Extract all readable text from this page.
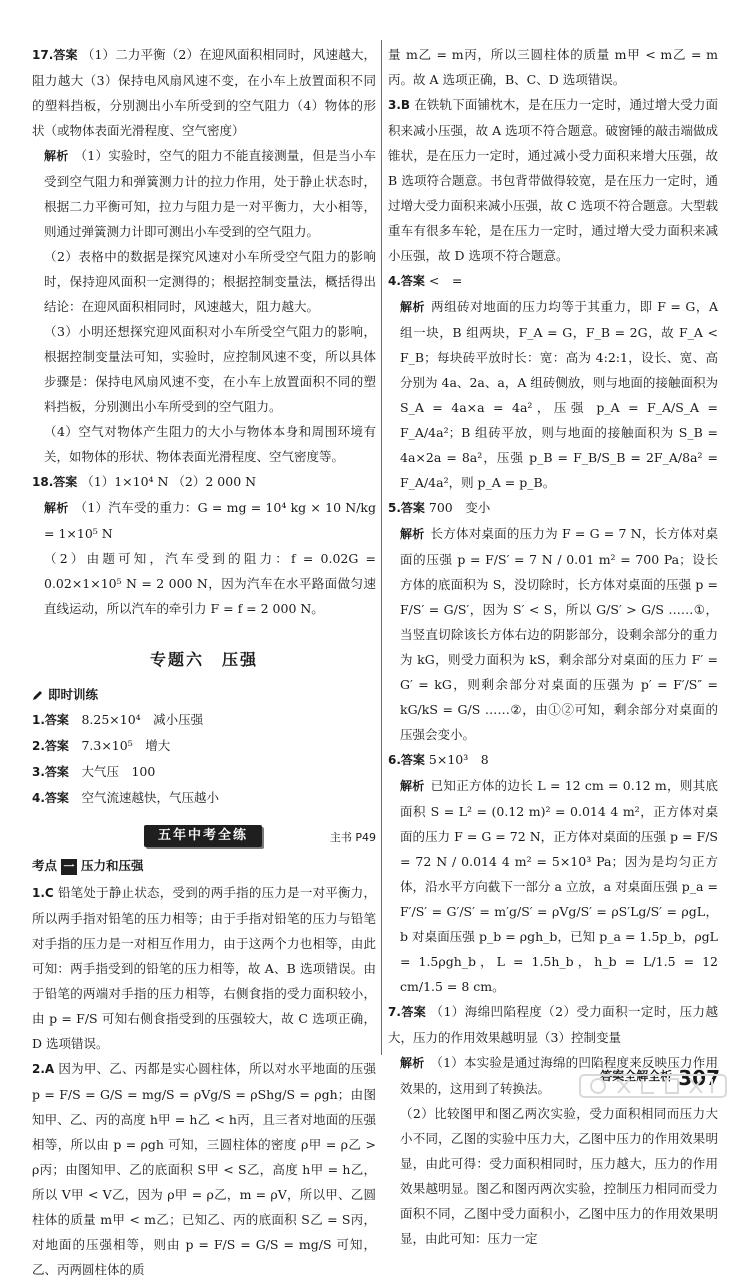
17.答案 （1）二力平衡（2）在迎风面积相同时，风速越大，阻力越大（3）保持电风扇风速不变，在小车上放置面积不同的塑料挡板，分别测出小车所受到的空气阻力（4）物体的形状（或物体表面光滑程度、空气密度）
解析 （1）实验时，空气的阻力不能直接测量，但是当小车受到空气阻力和弹簧测力计的拉力作用，处于静止状态时，根据二力平衡可知，拉力与阻力是一对平衡力，大小相等，则通过弹簧测力计即可测出小车受到的空气阻力。
（2）表格中的数据是探究风速对小车所受空气阻力的影响时，保持迎风面积一定测得的；根据控制变量法，概括得出结论：在迎风面积相同时，风速越大，阻力越大。
（3）小明还想探究迎风面积对小车所受空气阻力的影响，根据控制变量法可知，实验时，应控制风速不变，所以具体步骤是：保持电风扇风速不变，在小车上放置面积不同的塑料挡板，分别测出小车所受到的空气阻力。
（4）空气对物体产生阻力的大小与物体本身和周围环境有关，如物体的形状、物体表面光滑程度、空气密度等。
18.答案 （1）1×10⁴ N （2）2 000 N
解析 （1）汽车受的重力：G = mg = 10⁴ kg × 10 N/kg = 1×10⁵ N
（2）由题可知，汽车受到的阻力：f = 0.02G = 0.02×1×10⁵ N = 2 000 N，因为汽车在水平路面做匀速直线运动，所以汽车的牵引力 F = f = 2 000 N。
专题六　压强
即时训练
1.答案　 8.25×10⁴　减小压强
2.答案　 7.3×10⁵　增大
3.答案　 大气压　100
4.答案　 空气流速越快，气压越小
五年中考全练	主书 P49
考点 一 压力和压强
1.C 铅笔处于静止状态，受到的两手指的压力是一对平衡力，所以两手指对铅笔的压力相等；由于手指对铅笔的压力与铅笔对手指的压力是一对相互作用力，由于这两个力也相等，由此可知：两手指受到的铅笔的压力相等，故 A、B 选项错误。由于铅笔的两端对手指的压力相等，右侧食指的受力面积较小，由 p = F/S 可知右侧食指受到的压强较大，故 C 选项正确，D 选项错误。
2.A 因为甲、乙、丙都是实心圆柱体，所以对水平地面的压强 p = F/S = G/S = mg/S = ρVg/S = ρShg/S = ρgh；由图知甲、乙、丙的高度 h甲 = h乙 < h丙，且三者对地面的压强相等，所以由 p = ρgh 可知，三圆柱体的密度 ρ甲 = ρ乙 > ρ丙；由图知甲、乙的底面积 S甲 < S乙，高度 h甲 = h乙，所以 V甲 < V乙，因为 ρ甲 = ρ乙，m = ρV，所以甲、乙圆柱体的质量 m甲 < m乙；已知乙、丙的底面积 S乙 = S丙，对地面的压强相等，则由 p = F/S = G/S = mg/S 可知，乙、丙两圆柱体的质
量 m乙 = m丙，所以三圆柱体的质量 m甲 < m乙 = m丙。故 A 选项正确，B、C、D 选项错误。
3.B 在铁轨下面铺枕木，是在压力一定时，通过增大受力面积来减小压强，故 A 选项不符合题意。破窗锤的敲击端做成锥状，是在压力一定时，通过减小受力面积来增大压强，故 B 选项符合题意。书包背带做得较宽，是在压力一定时，通过增大受力面积来减小压强，故 C 选项不符合题意。大型载重车有很多车轮，是在压力一定时，通过增大受力面积来减小压强，故 D 选项不符合题意。
4.答案 <　=
解析 两组砖对地面的压力均等于其重力，即 F = G，A 组一块，B 组两块，F_A = G，F_B = 2G，故 F_A < F_B；每块砖平放时长：宽：高为 4:2:1，设长、宽、高分别为 4a、2a、a，A 组砖侧放，则与地面的接触面积为 S_A = 4a×a = 4a²，压强 p_A = F_A/S_A = F_A/4a²；B 组砖平放，则与地面的接触面积为 S_B = 4a×2a = 8a²，压强 p_B = F_B/S_B = 2F_A/8a² = F_A/4a²，则 p_A = p_B。
5.答案 700　变小
解析 长方体对桌面的压力为 F = G = 7 N，长方体对桌面的压强 p = F/S′ = 7 N / 0.01 m² = 700 Pa；设长方体的底面积为 S，没切除时，长方体对桌面的压强 p = F/S′ = G/S′，因为 S′ < S，所以 G/S′ > G/S ……①，当竖直切除该长方体右边的阴影部分，设剩余部分的重力为 kG，则受力面积为 kS，剩余部分对桌面的压力 F′ = G′ = kG，则剩余部分对桌面的压强为 p′ = F′/S″ = kG/kS = G/S ……②，由①②可知，剩余部分对桌面的压强会变小。
6.答案 5×10³　8
解析 已知正方体的边长 L = 12 cm = 0.12 m，则其底面积 S = L² = (0.12 m)² = 0.014 4 m²，正方体对桌面的压力 F = G = 72 N，正方体对桌面的压强 p = F/S = 72 N / 0.014 4 m² = 5×10³ Pa；因为是均匀正方体，沿水平方向截下一部分 a 立放，a 对桌面压强 p_a = F′/S′ = G′/S′ = m′g/S′ = ρVg/S′ = ρS′Lg/S′ = ρgL，b 对桌面压强 p_b = ρgh_b，已知 p_a = 1.5p_b，ρgL = 1.5ρgh_b，L = 1.5h_b，h_b = L/1.5 = 12 cm/1.5 = 8 cm。
7.答案 （1）海绵凹陷程度（2）受力面积一定时，压力越大，压力的作用效果越明显（3）控制变量
解析 （1）本实验是通过海绵的凹陷程度来反映压力作用效果的，这用到了转换法。
（2）比较图甲和图乙两次实验，受力面积相同而压力大小不同，乙图的实验中压力大，乙图中压力的作用效果明显，由此可得：受力面积相同时，压力越大，压力的作用效果越明显。图乙和图丙两次实验，控制压力相同而受力面积不同，乙图中受力面积小，乙图中压力的作用效果明显，由此可知：压力一定
答案全解全析 307
